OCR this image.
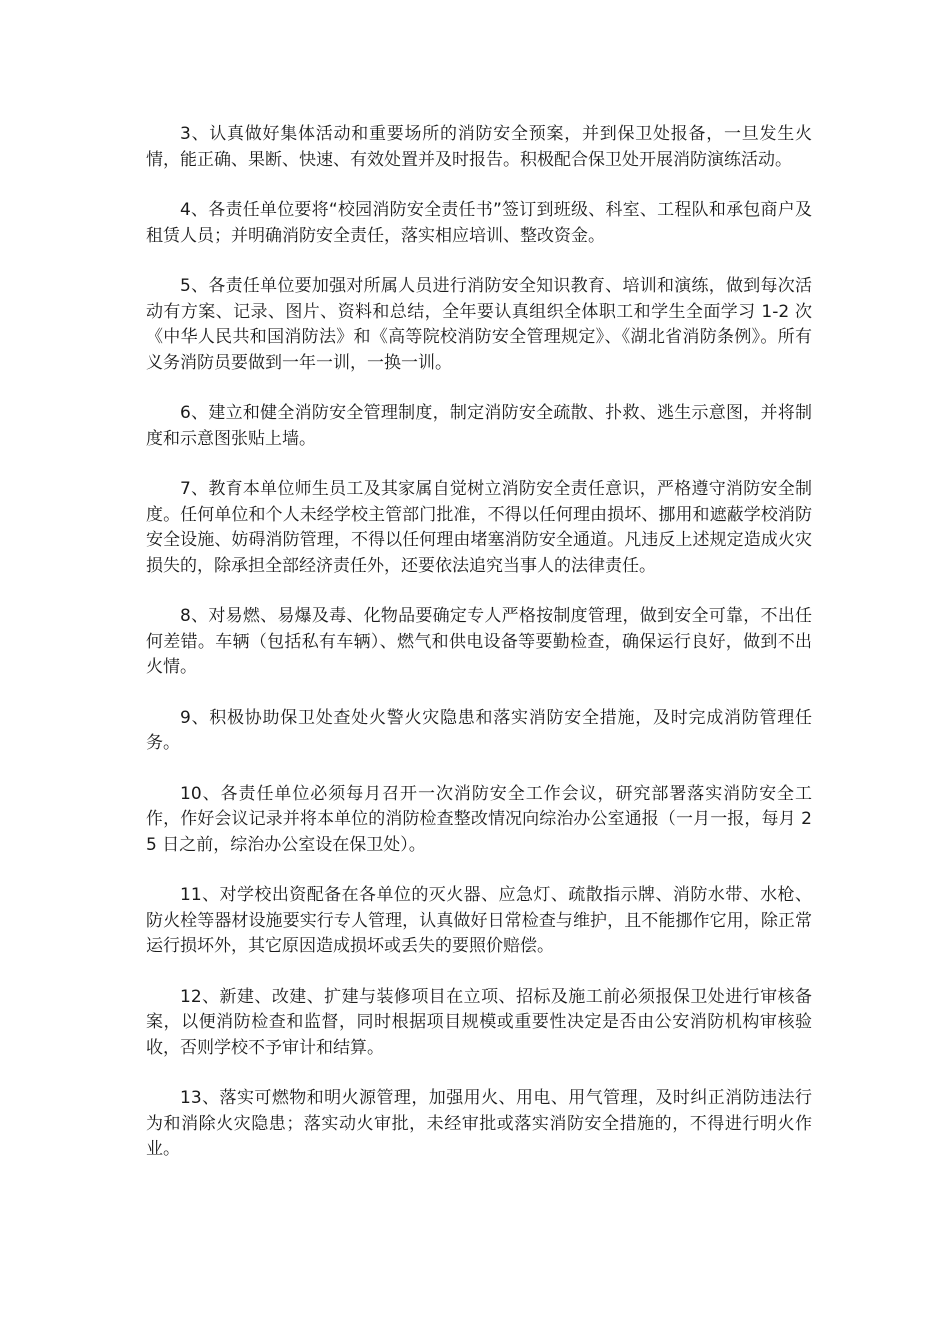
3、认真做好集体活动和重要场所的消防安全预案，并到保卫处报备，一旦发生火情，能正确、果断、快速、有效处置并及时报告。积极配合保卫处开展消防演练活动。

4、各责任单位要将“校园消防安全责任书”签订到班级、科室、工程队和承包商户及租赁人员；并明确消防安全责任，落实相应培训、整改资金。

5、各责任单位要加强对所属人员进行消防安全知识教育、培训和演练，做到每次活动有方案、记录、图片、资料和总结，全年要认真组织全体职工和学生全面学习 1-2 次《中华人民共和国消防法》和《高等院校消防安全管理规定》、《湖北省消防条例》。所有义务消防员要做到一年一训，一换一训。

6、建立和健全消防安全管理制度，制定消防安全疏散、扑救、逃生示意图，并将制度和示意图张贴上墙。

7、教育本单位师生员工及其家属自觉树立消防安全责任意识，严格遵守消防安全制度。任何单位和个人未经学校主管部门批准，不得以任何理由损坏、挪用和遮蔽学校消防安全设施、妨碍消防管理，不得以任何理由堵塞消防安全通道。凡违反上述规定造成火灾损失的，除承担全部经济责任外，还要依法追究当事人的法律责任。

8、对易燃、易爆及毒、化物品要确定专人严格按制度管理，做到安全可靠，不出任何差错。车辆（包括私有车辆）、燃气和供电设备等要勤检查，确保运行良好，做到不出火情。

9、积极协助保卫处查处火警火灾隐患和落实消防安全措施，及时完成消防管理任务。

10、各责任单位必须每月召开一次消防安全工作会议，研究部署落实消防安全工作，作好会议记录并将本单位的消防检查整改情况向综治办公室通报（一月一报，每月 25 日之前，综治办公室设在保卫处）。

11、对学校出资配备在各单位的灭火器、应急灯、疏散指示牌、消防水带、水枪、防火栓等器材设施要实行专人管理，认真做好日常检查与维护，且不能挪作它用，除正常运行损坏外，其它原因造成损坏或丢失的要照价赔偿。

12、新建、改建、扩建与装修项目在立项、招标及施工前必须报保卫处进行审核备案，以便消防检查和监督，同时根据项目规模或重要性决定是否由公安消防机构审核验收，否则学校不予审计和结算。

13、落实可燃物和明火源管理，加强用火、用电、用气管理，及时纠正消防违法行为和消除火灾隐患；落实动火审批，未经审批或落实消防安全措施的，不得进行明火作业。
